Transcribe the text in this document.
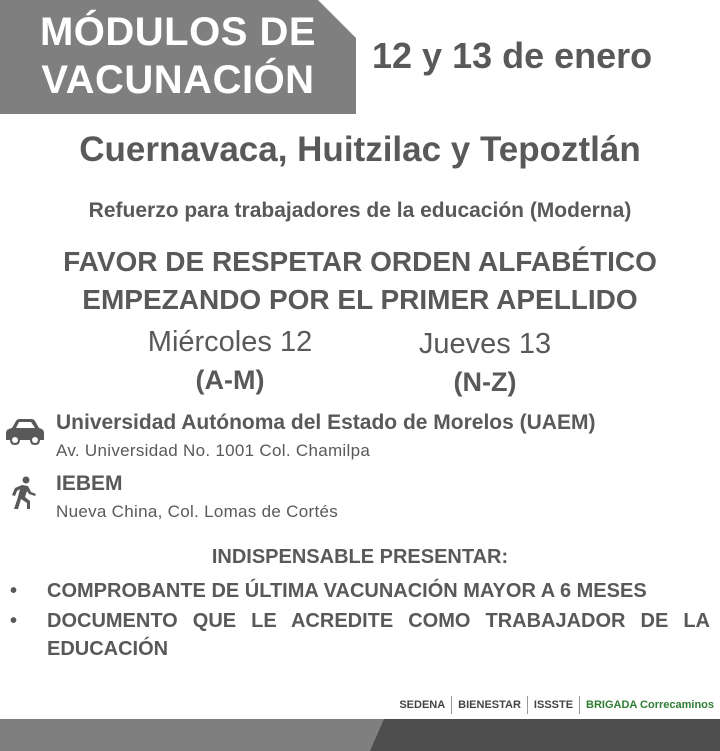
MÓDULOS DE
VACUNACIÓN
12 y 13 de enero
Cuernavaca, Huitzilac y Tepoztlán
Refuerzo para trabajadores de la educación (Moderna)
FAVOR DE RESPETAR ORDEN ALFABÉTICO
EMPEZANDO POR EL PRIMER APELLIDO
Miércoles 12
(A-M)
Jueves 13
(N-Z)
Universidad Autónoma del Estado de Morelos (UAEM)
Av. Universidad No. 1001 Col. Chamilpa
IEBEM
Nueva China, Col. Lomas de Cortés
INDISPENSABLE PRESENTAR:
• COMPROBANTE DE ÚLTIMA VACUNACIÓN MAYOR A 6 MESES
• DOCUMENTO QUE LE ACREDITE COMO TRABAJADOR DE LA EDUCACIÓN
SEDENA BIENESTAR ISSSTE BRIGADA Correcaminos
